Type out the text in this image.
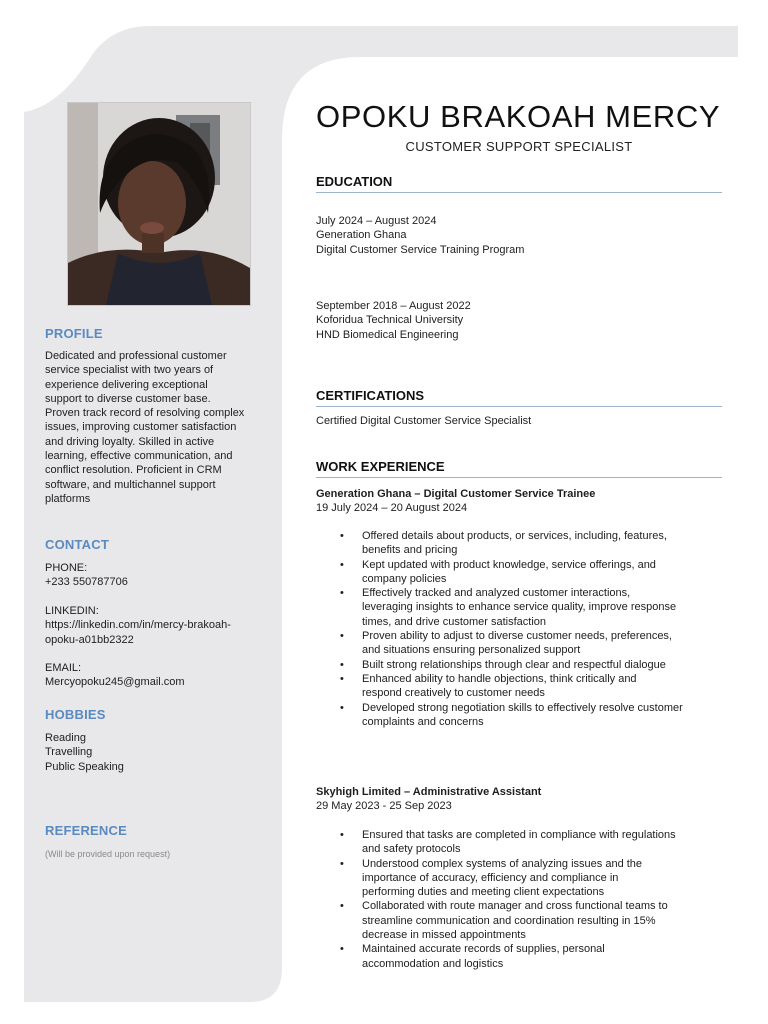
PROFILE

Dedicated and professional customer
service specialist with two years of
experience delivering exceptional
support to diverse customer base.
Proven track record of resolving complex
issues, improving customer satisfaction
and driving loyalty. Skilled in active
learning, effective communication, and
conflict resolution. Proficient in CRM
software, and multichannel support
platforms

CONTACT

PHONE:
+233 550787706

LINKEDIN:
https://linkedin.com/in/mercy-brakoah-
opoku-a01bb2322

EMAIL:
Mercyopoku245@gmail.com

HOBBIES

Reading
Travelling
Public Speaking

REFERENCE

(Will be provided upon request)

OPOKU BRAKOAH MERCY

CUSTOMER SUPPORT SPECIALIST

EDUCATION

July 2024 – August 2024
Generation Ghana
Digital Customer Service Training Program

September 2018 – August 2022
Koforidua Technical University
HND Biomedical Engineering

CERTIFICATIONS

Certified Digital Customer Service Specialist

WORK EXPERIENCE

Generation Ghana – Digital Customer Service Trainee
19 July 2024 – 20 August 2024

• Offered details about products, or services, including, features,
benefits and pricing
• Kept updated with product knowledge, service offerings, and
company policies
• Effectively tracked and analyzed customer interactions,
leveraging insights to enhance service quality, improve response
times, and drive customer satisfaction
• Proven ability to adjust to diverse customer needs, preferences,
and situations ensuring personalized support
• Built strong relationships through clear and respectful dialogue
• Enhanced ability to handle objections, think critically and
respond creatively to customer needs
• Developed strong negotiation skills to effectively resolve customer
complaints and concerns

Skyhigh Limited – Administrative Assistant
29 May 2023 - 25 Sep 2023

• Ensured that tasks are completed in compliance with regulations
and safety protocols
• Understood complex systems of analyzing issues and the
importance of accuracy, efficiency and compliance in
performing duties and meeting client expectations
• Collaborated with route manager and cross functional teams to
streamline communication and coordination resulting in 15%
decrease in missed appointments
• Maintained accurate records of supplies, personal
accommodation and logistics
